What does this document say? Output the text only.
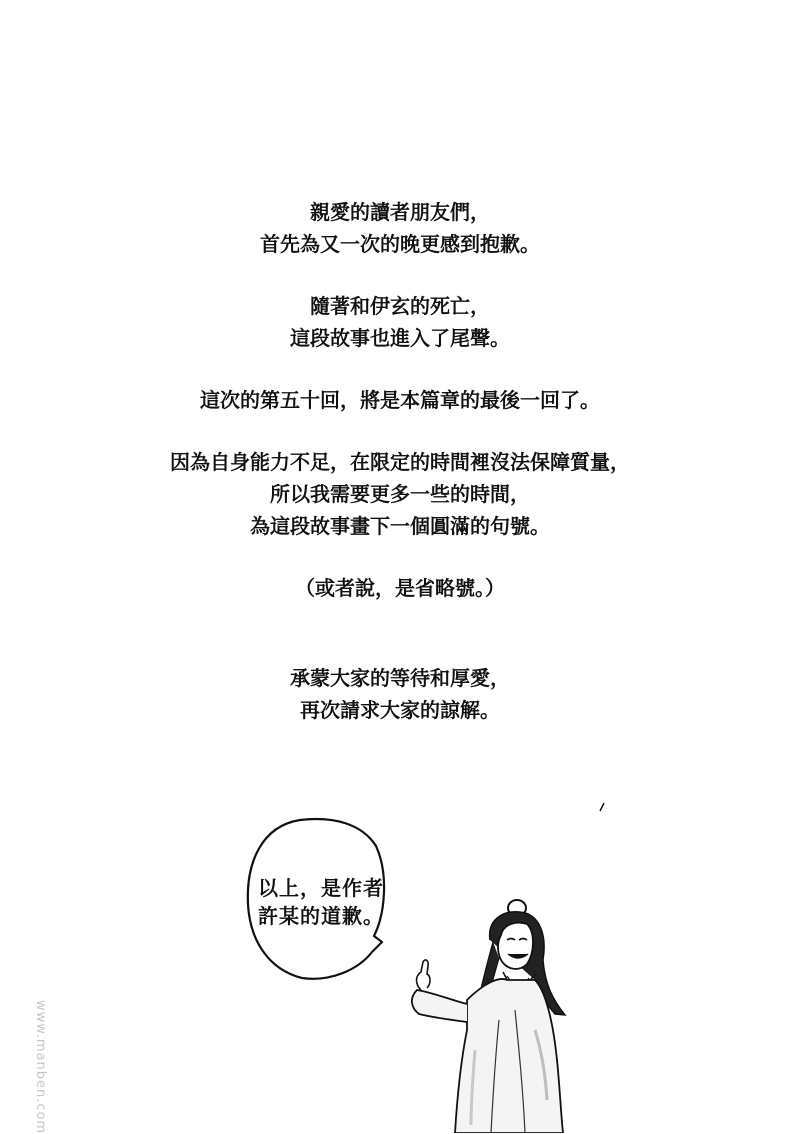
親愛的讀者朋友們，
首先為又一次的晚更感到抱歉。

隨著和伊玄的死亡，
這段故事也進入了尾聲。

這次的第五十回，將是本篇章的最後一回了。

因為自身能力不足，在限定的時間裡沒法保障質量，
所以我需要更多一些的時間，
為這段故事畫下一個圓滿的句號。

（或者說，是省略號。）

承蒙大家的等待和厚愛，
再次請求大家的諒解。

以上，是作者
許某的道歉。
www.manben.com
